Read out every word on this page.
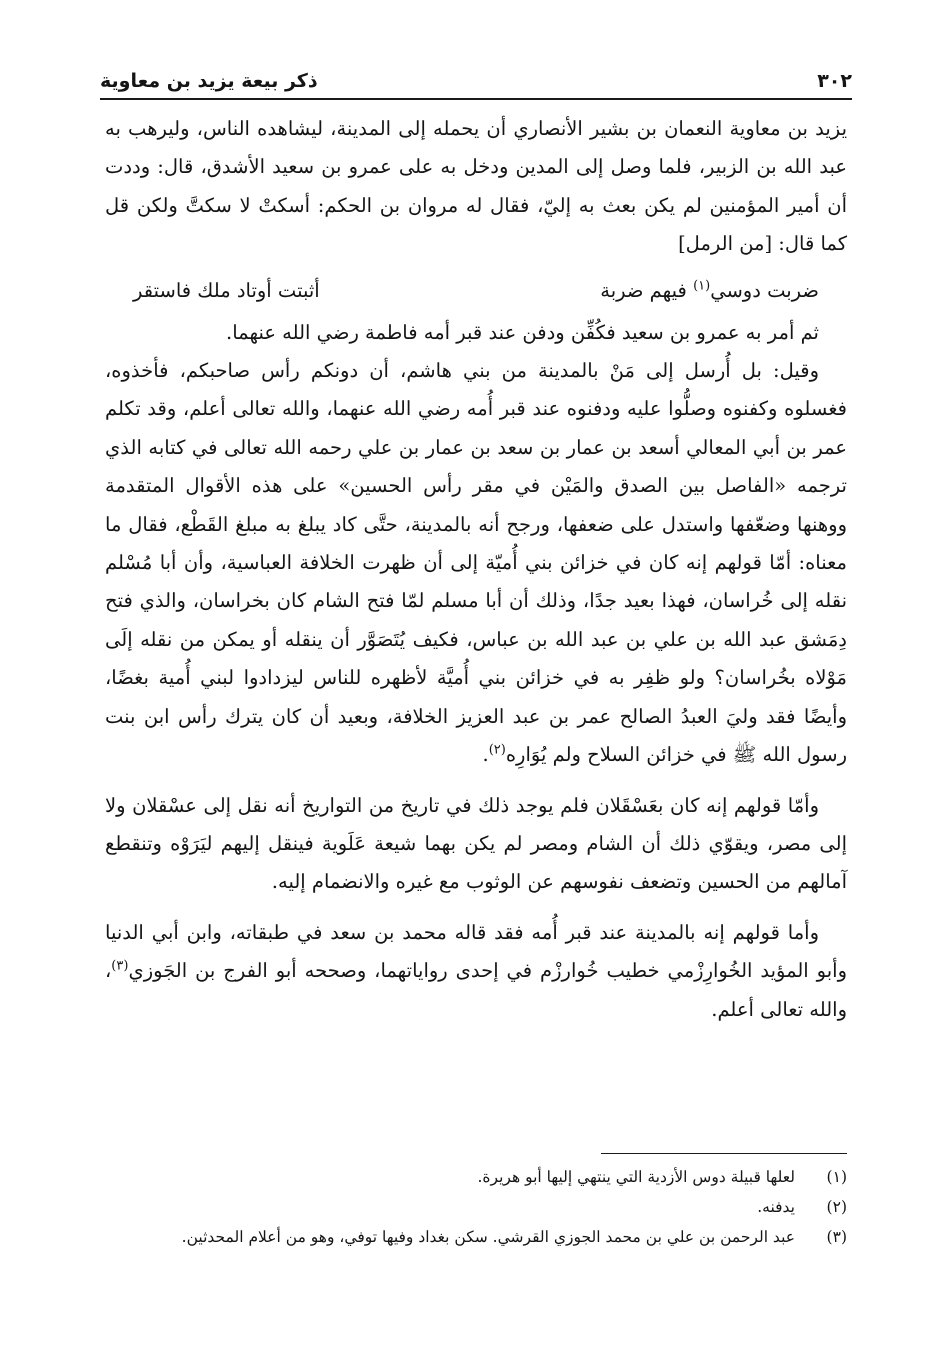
٣٠٢
ذكر بيعة يزيد بن معاوية

يزيد بن معاوية النعمان بن بشير الأنصاري أن يحمله إلى المدينة، ليشاهده الناس، وليرهب به عبد الله بن الزبير، فلما وصل إلى المدين ودخل به على عمرو بن سعيد الأشدق، قال: وددت أن أمير المؤمنين لم يكن بعث به إليّ، فقال له مروان بن الحكم: أسكتْ لا سكتَّ ولكن قل كما قال: [من الرمل]

ضربت دوسي$^{(١)}$ فيهم ضربة
أثبتت أوتاد ملك فاستقر

ثم أمر به عمرو بن سعيد فكُفِّن ودفن عند قبر أمه فاطمة رضي الله عنهما.

وقيل: بل أُرسل إلى مَنْ بالمدينة من بني هاشم، أن دونكم رأس صاحبكم، فأخذوه، فغسلوه وكفنوه وصلُّوا عليه ودفنوه عند قبر أُمه رضي الله عنهما، والله تعالى أعلم، وقد تكلم عمر بن أبي المعالي أسعد بن عمار بن سعد بن عمار بن علي رحمه الله تعالى في كتابه الذي ترجمه «الفاصل بين الصدق والمَيْن في مقر رأس الحسين» على هذه الأقوال المتقدمة ووهنها وضعّفها واستدل على ضعفها، ورجح أنه بالمدينة، حتَّى كاد يبلغ به مبلغ القَطْع، فقال ما معناه: أمّا قولهم إنه كان في خزائن بني أُميّة إلى أن ظهرت الخلافة العباسية، وأن أبا مُسْلم نقله إلى خُراسان، فهذا بعيد جدًا، وذلك أن أبا مسلم لمّا فتح الشام كان بخراسان، والذي فتح دِمَشق عبد الله بن علي بن عبد الله بن عباس، فكيف يُتَصَوَّر أن ينقله أو يمكن من نقله إلَى مَوْلاه بخُراسان؟ ولو ظفِر به في خزائن بني أُميَّة لأظهره للناس ليزدادوا لبني أُمية بغضًا، وأيضًا فقد وليَ العبدُ الصالح عمر بن عبد العزيز الخلافة، وبعيد أن كان يترك رأس ابن بنت رسول الله ﷺ في خزائن السلاح ولم يُوَارِه$^{(٢)}$.

وأمّا قولهم إنه كان بعَسْقَلان فلم يوجد ذلك في تاريخ من التواريخ أنه نقل إلى عسْقلان ولا إلى مصر، ويقوّي ذلك أن الشام ومصر لم يكن بهما شيعة عَلَوية فينقل إليهم ليَرَوْه وتنقطع آمالهم من الحسين وتضعف نفوسهم عن الوثوب مع غيره والانضمام إليه.

وأما قولهم إنه بالمدينة عند قبر أُمه فقد قاله محمد بن سعد في طبقاته، وابن أبي الدنيا وأبو المؤيد الخُوارِزْمي خطيب خُوارزْم في إحدى رواياتهما، وصححه أبو الفرج بن الجَوزي$^{(٣)}$، والله تعالى أعلم.

(١)
لعلها قبيلة دوس الأزدية التي ينتهي إليها أبو هريرة.
(٢)
يدفنه.
(٣)
عبد الرحمن بن علي بن محمد الجوزي القرشي. سكن بغداد وفيها توفي، وهو من أعلام المحدثين.
